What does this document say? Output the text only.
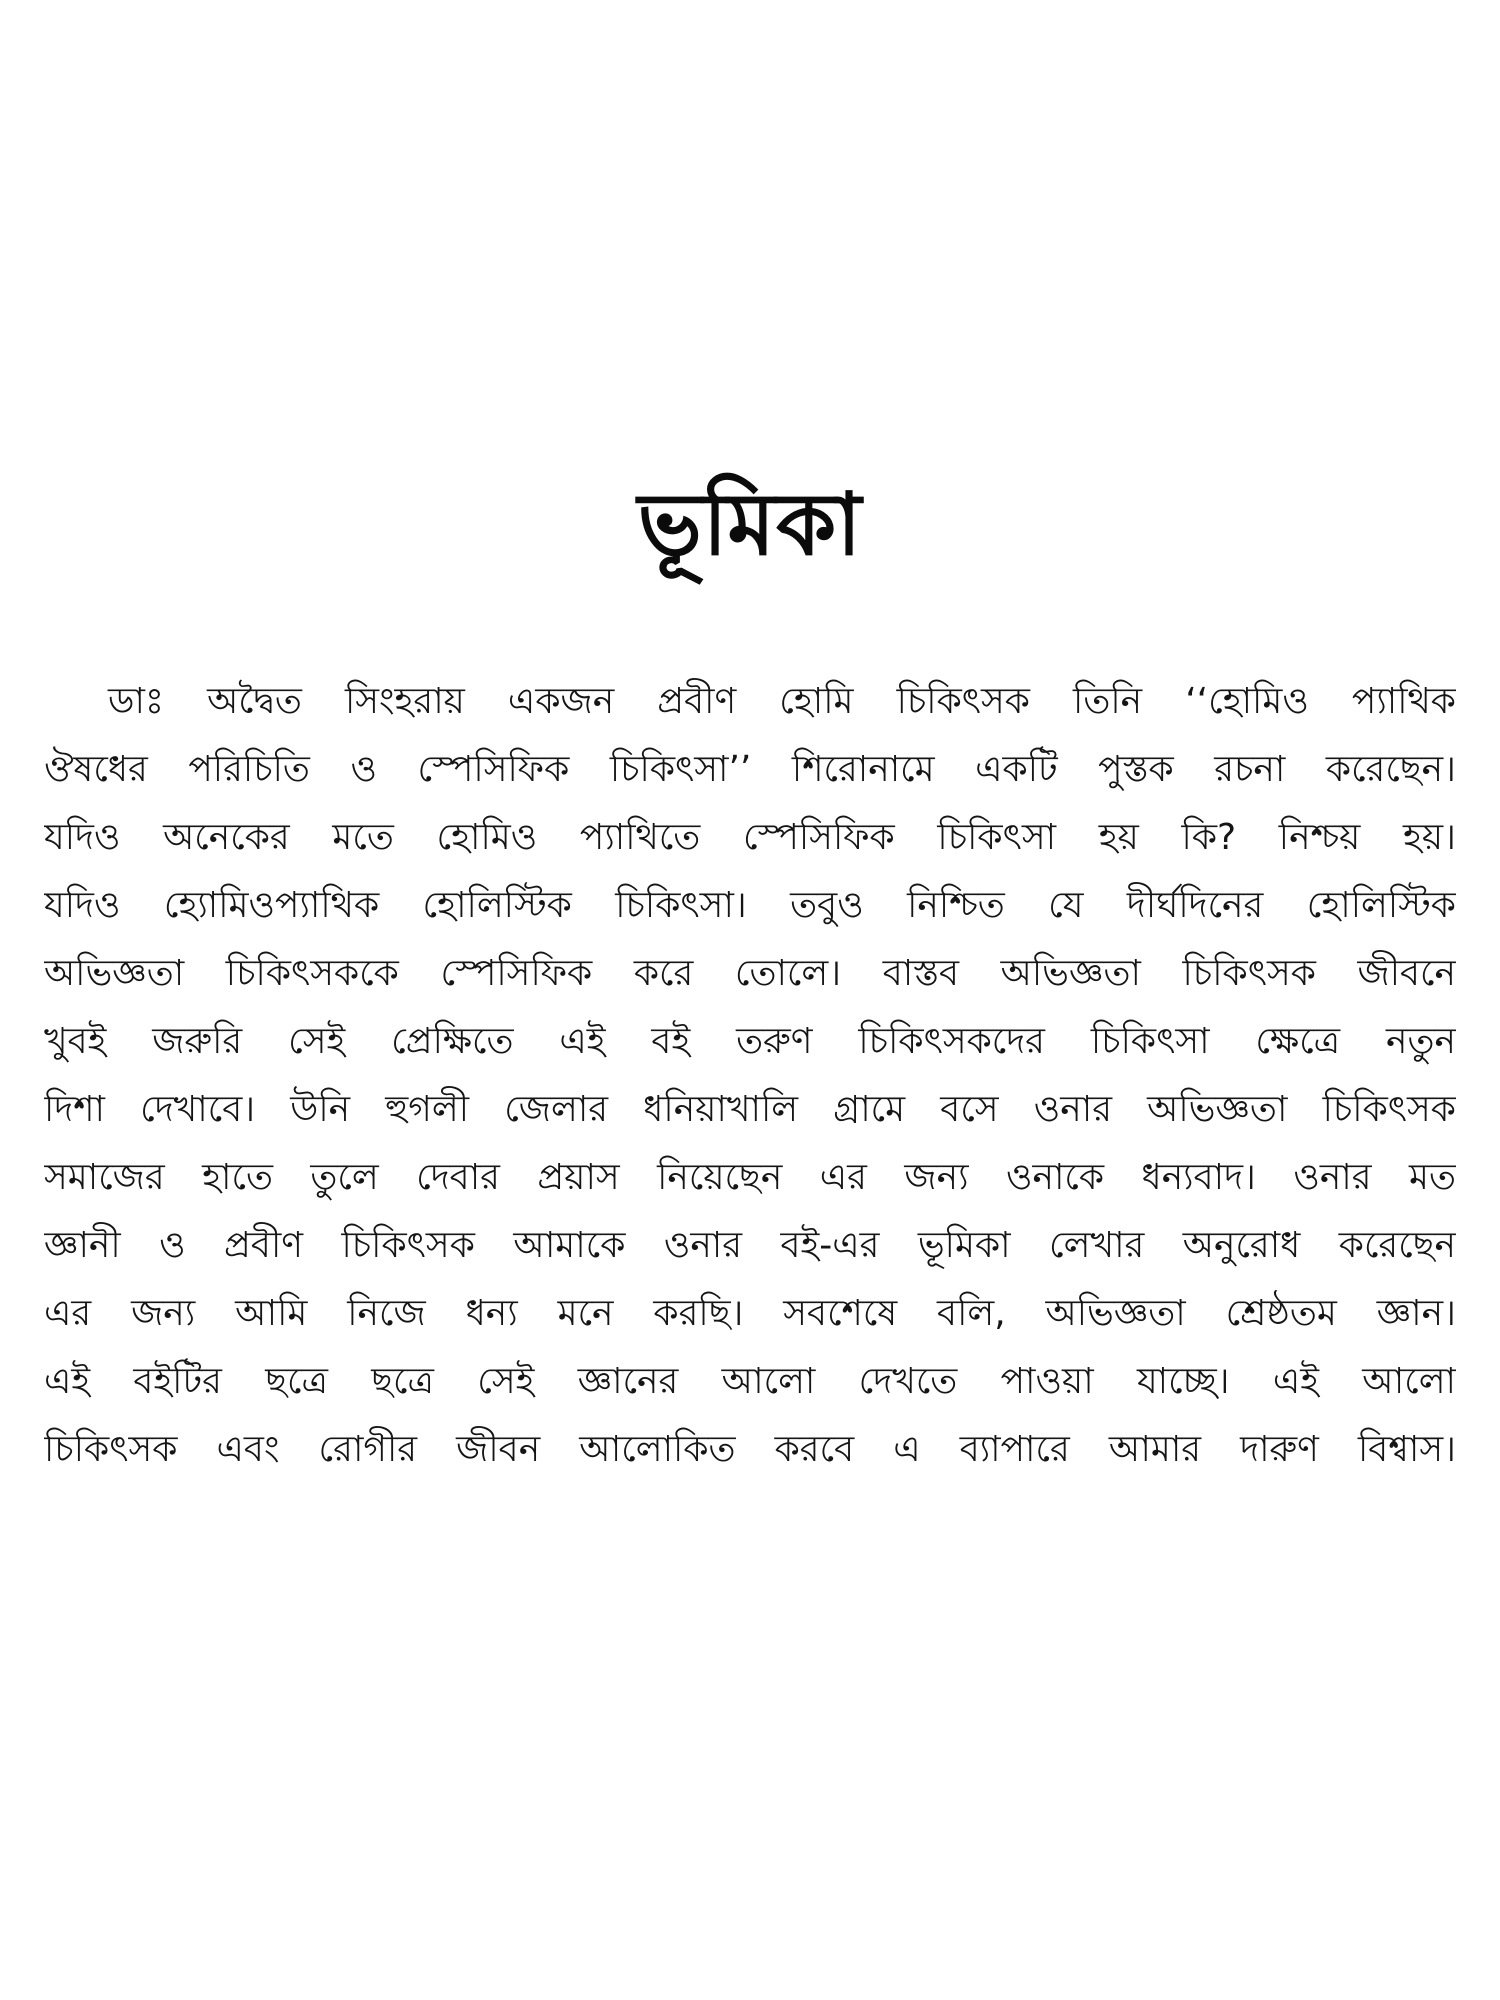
ভূমিকা
ডাঃ অদ্বৈত সিংহরায় একজন প্রবীণ হোমি চিকিৎসক তিনি ‘‘হোমিও প্যাথিক
ঔষধের পরিচিতি ও স্পেসিফিক চিকিৎসা’’ শিরোনামে একটি পুস্তক রচনা করেছেন।
যদিও অনেকের মতে হোমিও প্যাথিতে স্পেসিফিক চিকিৎসা হয় কি? নিশ্চয় হয়।
যদিও হ্যোমিওপ্যাথিক হোলিস্টিক চিকিৎসা। তবুও নিশ্চিত যে দীর্ঘদিনের হোলিস্টিক
অভিজ্ঞতা চিকিৎসককে স্পেসিফিক করে তোলে। বাস্তব অভিজ্ঞতা চিকিৎসক জীবনে
খুবই জরুরি সেই প্রেক্ষিতে এই বই তরুণ চিকিৎসকদের চিকিৎসা ক্ষেত্রে নতুন
দিশা দেখাবে। উনি হুগলী জেলার ধনিয়াখালি গ্রামে বসে ওনার অভিজ্ঞতা চিকিৎসক
সমাজের হাতে তুলে দেবার প্রয়াস নিয়েছেন এর জন্য ওনাকে ধন্যবাদ। ওনার মত
জ্ঞানী ও প্রবীণ চিকিৎসক আমাকে ওনার বই-এর ভূমিকা লেখার অনুরোধ করেছেন
এর জন্য আমি নিজে ধন্য মনে করছি। সবশেষে বলি, অভিজ্ঞতা শ্রেষ্ঠতম জ্ঞান।
এই বইটির ছত্রে ছত্রে সেই জ্ঞানের আলো দেখতে পাওয়া যাচ্ছে। এই আলো
চিকিৎসক এবং রোগীর জীবন আলোকিত করবে এ ব্যাপারে আমার দারুণ বিশ্বাস।
